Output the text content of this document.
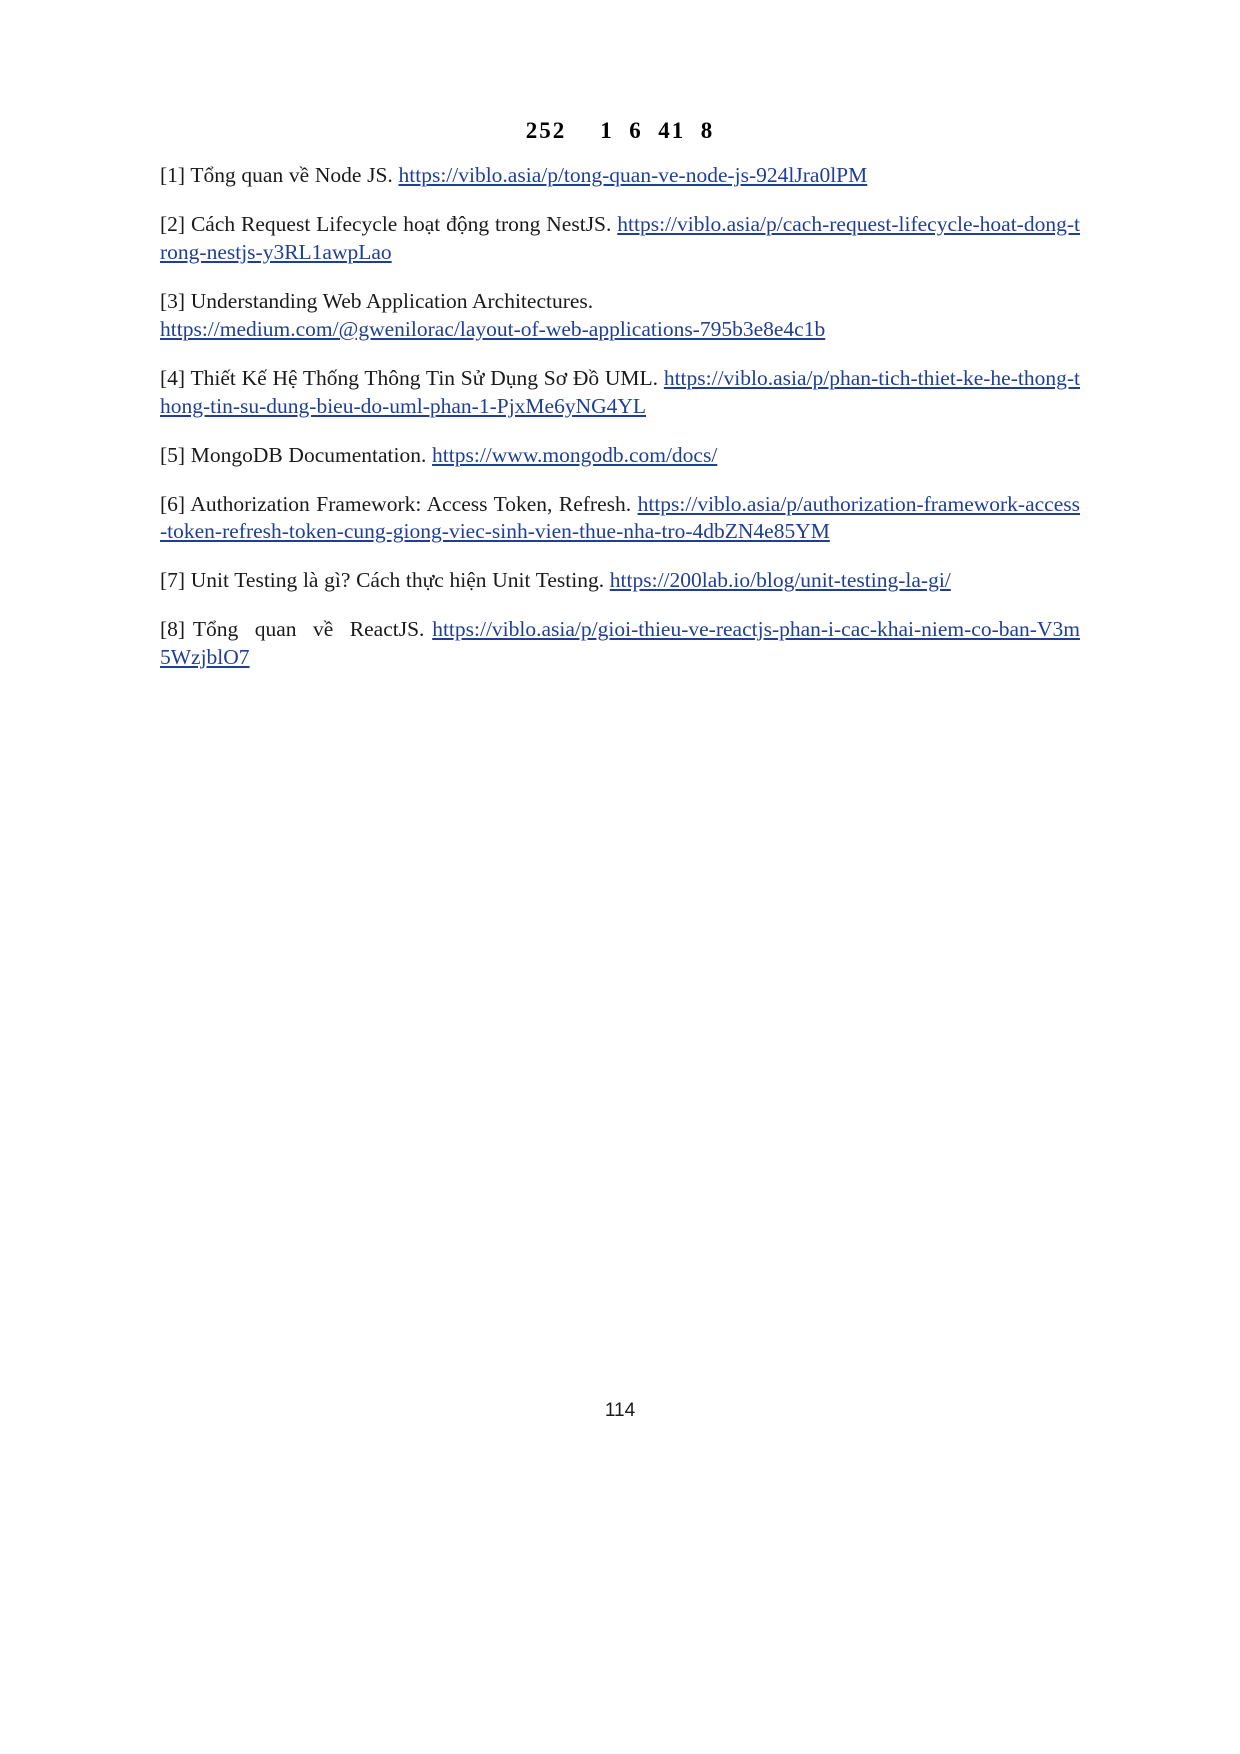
252 1 6 41 8

[1] Tổng quan về Node JS. https://viblo.asia/p/tong-quan-ve-node-js-924lJra0lPM

[2] Cách Request Lifecycle hoạt động trong NestJS. https://viblo.asia/p/cach-request-lifecycle-hoat-dong-trong-nestjs-y3RL1awpLao

[3] Understanding Web Application Architectures.
https://medium.com/@gwenilorac/layout-of-web-applications-795b3e8e4c1b

[4] Thiết Kế Hệ Thống Thông Tin Sử Dụng Sơ Đồ UML. https://viblo.asia/p/phan-tich-thiet-ke-he-thong-thong-tin-su-dung-bieu-do-uml-phan-1-PjxMe6yNG4YL

[5] MongoDB Documentation. https://www.mongodb.com/docs/

[6] Authorization Framework: Access Token, Refresh. https://viblo.asia/p/authorization-framework-access-token-refresh-token-cung-giong-viec-sinh-vien-thue-nha-tro-4dbZN4e85YM

[7] Unit Testing là gì? Cách thực hiện Unit Testing. https://200lab.io/blog/unit-testing-la-gi/

[8] Tổng quan về ReactJS. https://viblo.asia/p/gioi-thieu-ve-reactjs-phan-i-cac-khai-niem-co-ban-V3m5WzjblO7

114
